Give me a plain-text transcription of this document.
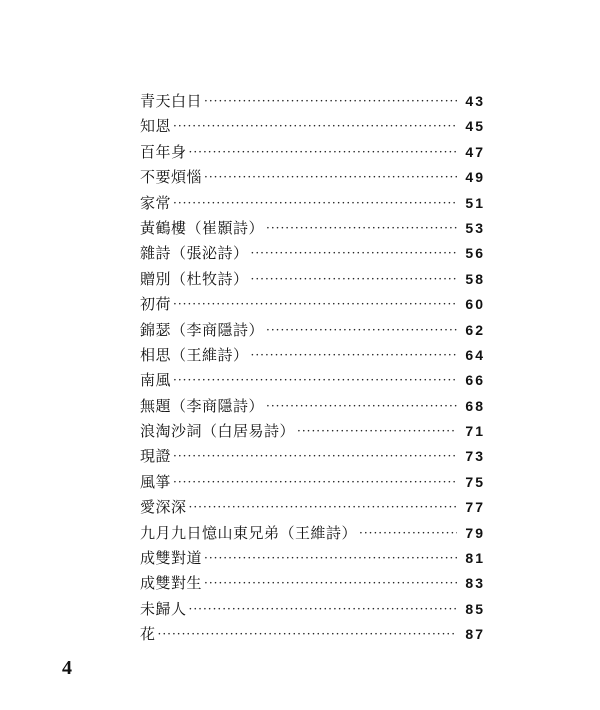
青天白日 ·····	43
知恩 ·····	45
百年身 ·····	47
不要煩惱 ·····	49
家常 ·····	51
黃鶴樓（崔顥詩） ·····	53
雜詩（張泌詩） ·····	56
贈別（杜牧詩） ·····	58
初荷 ·····	60
錦瑟（李商隱詩） ·····	62
相思（王維詩） ·····	64
南風 ·····	66
無題（李商隱詩） ·····	68
浪淘沙詞（白居易詩） ·····	71
現證 ·····	73
風箏 ·····	75
愛深深 ·····	77
九月九日憶山東兄弟（王維詩） ·····	79
成雙對道 ·····	81
成雙對生 ·····	83
未歸人 ·····	85
花 ·····	87
4
